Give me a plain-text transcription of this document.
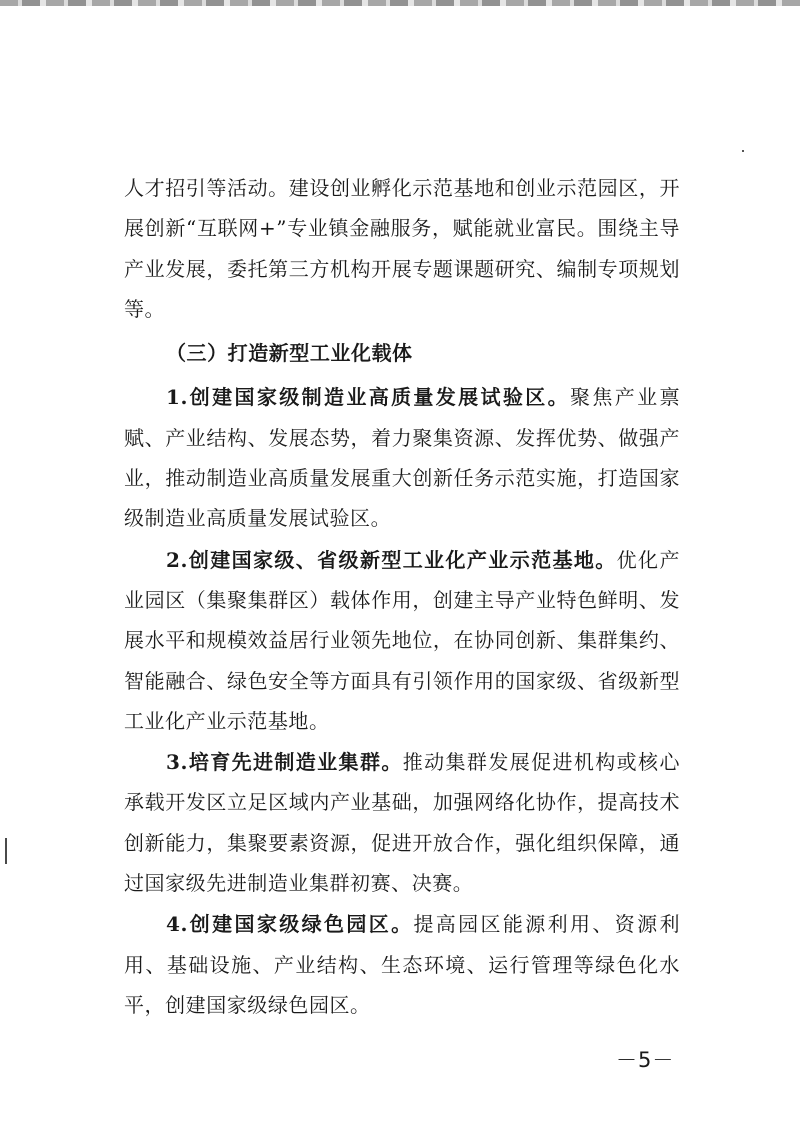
人才招引等活动。建设创业孵化示范基地和创业示范园区，开展创新“互联网+”专业镇金融服务，赋能就业富民。围绕主导产业发展，委托第三方机构开展专题课题研究、编制专项规划等。

（三）打造新型工业化载体

1.创建国家级制造业高质量发展试验区。聚焦产业禀赋、产业结构、发展态势，着力聚集资源、发挥优势、做强产业，推动制造业高质量发展重大创新任务示范实施，打造国家级制造业高质量发展试验区。

2.创建国家级、省级新型工业化产业示范基地。优化产业园区（集聚集群区）载体作用，创建主导产业特色鲜明、发展水平和规模效益居行业领先地位，在协同创新、集群集约、智能融合、绿色安全等方面具有引领作用的国家级、省级新型工业化产业示范基地。

3.培育先进制造业集群。推动集群发展促进机构或核心承载开发区立足区域内产业基础，加强网络化协作，提高技术创新能力，集聚要素资源，促进开放合作，强化组织保障，通过国家级先进制造业集群初赛、决赛。

4.创建国家级绿色园区。提高园区能源利用、资源利用、基础设施、产业结构、生态环境、运行管理等绿色化水平，创建国家级绿色园区。

－5－
